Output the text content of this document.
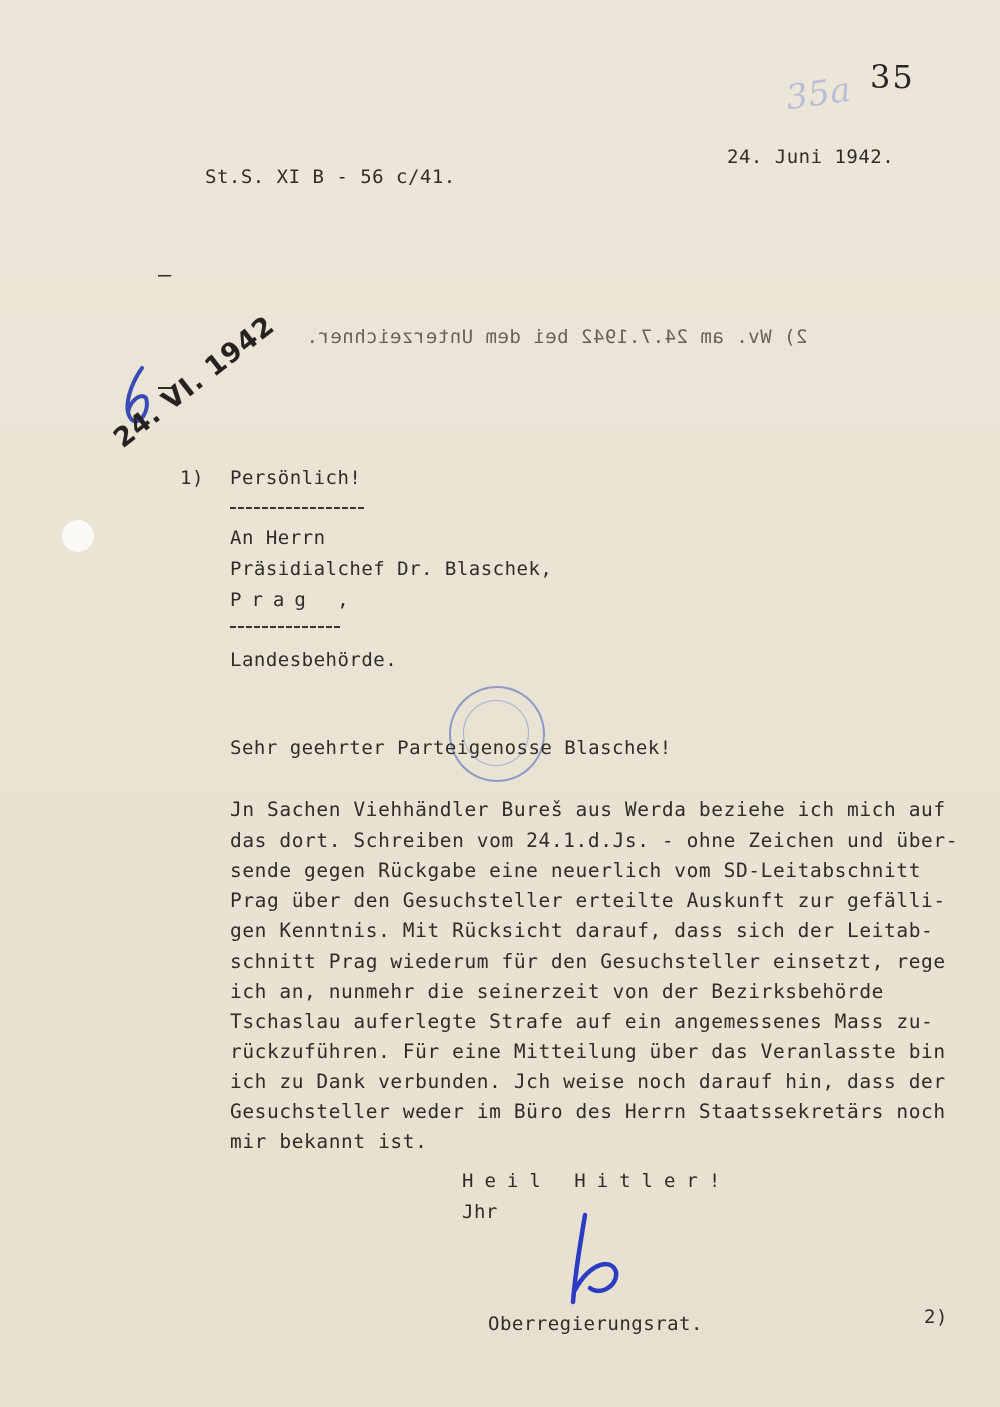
35a 35
24. Juni 1942.
St.S. XI B - 56 c/41.
—
2) Wv. am 24.7.1942 bei dem Unterzeichner.
24. VI. 1942
1) Persönlich!
An Herrn
Präsidialchef Dr. Blaschek,
Prag ,
Landesbehörde.
Sehr geehrter Parteigenosse Blaschek!
Jn Sachen Viehhändler Bureš aus Werda beziehe ich mich auf
das dort. Schreiben vom 24.1.d.Js. - ohne Zeichen und über-
sende gegen Rückgabe eine neuerlich vom SD-Leitabschnitt
Prag über den Gesuchsteller erteilte Auskunft zur gefälli-
gen Kenntnis. Mit Rücksicht darauf, dass sich der Leitab-
schnitt Prag wiederum für den Gesuchsteller einsetzt, rege
ich an, nunmehr die seinerzeit von der Bezirksbehörde
Tschaslau auferlegte Strafe auf ein angemessenes Mass zu-
rückzuführen. Für eine Mitteilung über das Veranlasste bin
ich zu Dank verbunden. Jch weise noch darauf hin, dass der
Gesuchsteller weder im Büro des Herrn Staatssekretärs noch
mir bekannt ist.
Heil Hitler!
Jhr
Oberregierungsrat.	2)
